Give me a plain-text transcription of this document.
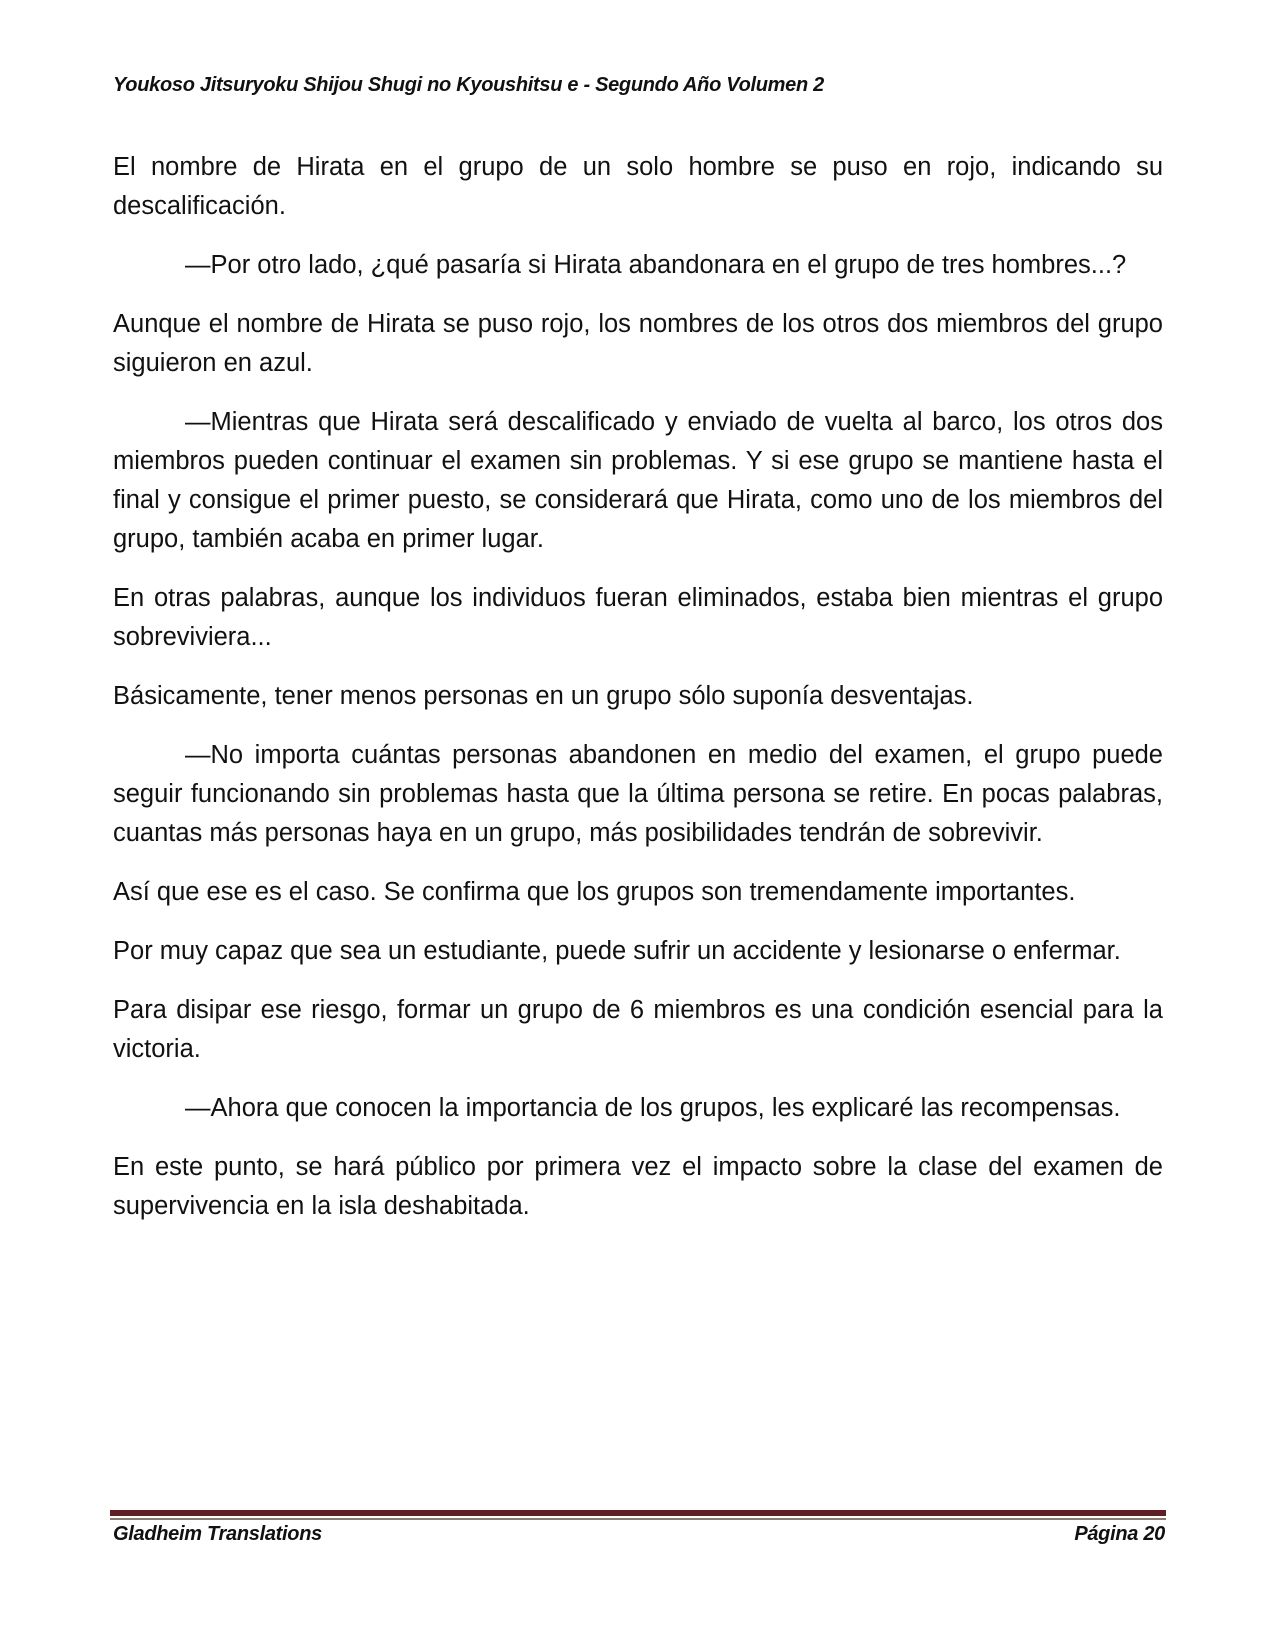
Youkoso Jitsuryoku Shijou Shugi no Kyoushitsu e - Segundo Año Volumen 2

El nombre de Hirata en el grupo de un solo hombre se puso en rojo, indicando su descalificación.

—Por otro lado, ¿qué pasaría si Hirata abandonara en el grupo de tres hombres...?

Aunque el nombre de Hirata se puso rojo, los nombres de los otros dos miembros del grupo siguieron en azul.

—Mientras que Hirata será descalificado y enviado de vuelta al barco, los otros dos miembros pueden continuar el examen sin problemas. Y si ese grupo se mantiene hasta el final y consigue el primer puesto, se considerará que Hirata, como uno de los miembros del grupo, también acaba en primer lugar.

En otras palabras, aunque los individuos fueran eliminados, estaba bien mientras el grupo sobreviviera...

Básicamente, tener menos personas en un grupo sólo suponía desventajas.

—No importa cuántas personas abandonen en medio del examen, el grupo puede seguir funcionando sin problemas hasta que la última persona se retire. En pocas palabras, cuantas más personas haya en un grupo, más posibilidades tendrán de sobrevivir.

Así que ese es el caso. Se confirma que los grupos son tremendamente importantes.

Por muy capaz que sea un estudiante, puede sufrir un accidente y lesionarse o enfermar.

Para disipar ese riesgo, formar un grupo de 6 miembros es una condición esencial para la victoria.

—Ahora que conocen la importancia de los grupos, les explicaré las recompensas.

En este punto, se hará público por primera vez el impacto sobre la clase del examen de supervivencia en la isla deshabitada.

Gladheim Translations	Página 20
